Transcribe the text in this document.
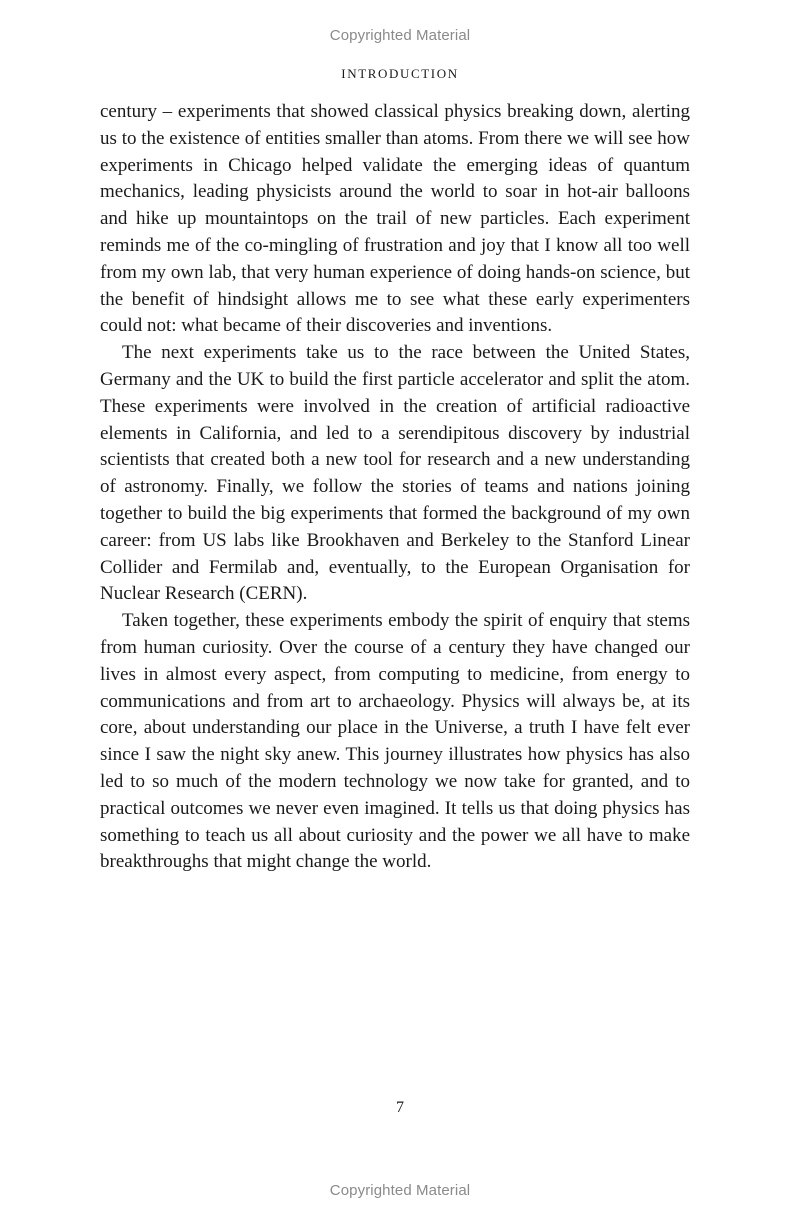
Copyrighted Material
INTRODUCTION

century – experiments that showed classical physics breaking down, alerting us to the existence of entities smaller than atoms. From there we will see how experiments in Chicago helped validate the emerging ideas of quantum mechanics, leading physicists around the world to soar in hot-air balloons and hike up mountaintops on the trail of new particles. Each experiment reminds me of the co-mingling of frustration and joy that I know all too well from my own lab, that very human experience of doing hands-on science, but the benefit of hindsight allows me to see what these early experimenters could not: what became of their discoveries and inventions.

The next experiments take us to the race between the United States, Germany and the UK to build the first particle accelerator and split the atom. These experiments were involved in the creation of artificial radioactive elements in California, and led to a serendipitous discovery by industrial scientists that created both a new tool for research and a new understanding of astronomy. Finally, we follow the stories of teams and nations joining together to build the big experiments that formed the background of my own career: from US labs like Brookhaven and Berkeley to the Stanford Linear Collider and Fermilab and, eventually, to the European Organisation for Nuclear Research (CERN).

Taken together, these experiments embody the spirit of enquiry that stems from human curiosity. Over the course of a century they have changed our lives in almost every aspect, from computing to medicine, from energy to communications and from art to archaeology. Physics will always be, at its core, about understanding our place in the Universe, a truth I have felt ever since I saw the night sky anew. This journey illustrates how physics has also led to so much of the modern technology we now take for granted, and to practical outcomes we never even imagined. It tells us that doing physics has something to teach us all about curiosity and the power we all have to make breakthroughs that might change the world.

7
Copyrighted Material
